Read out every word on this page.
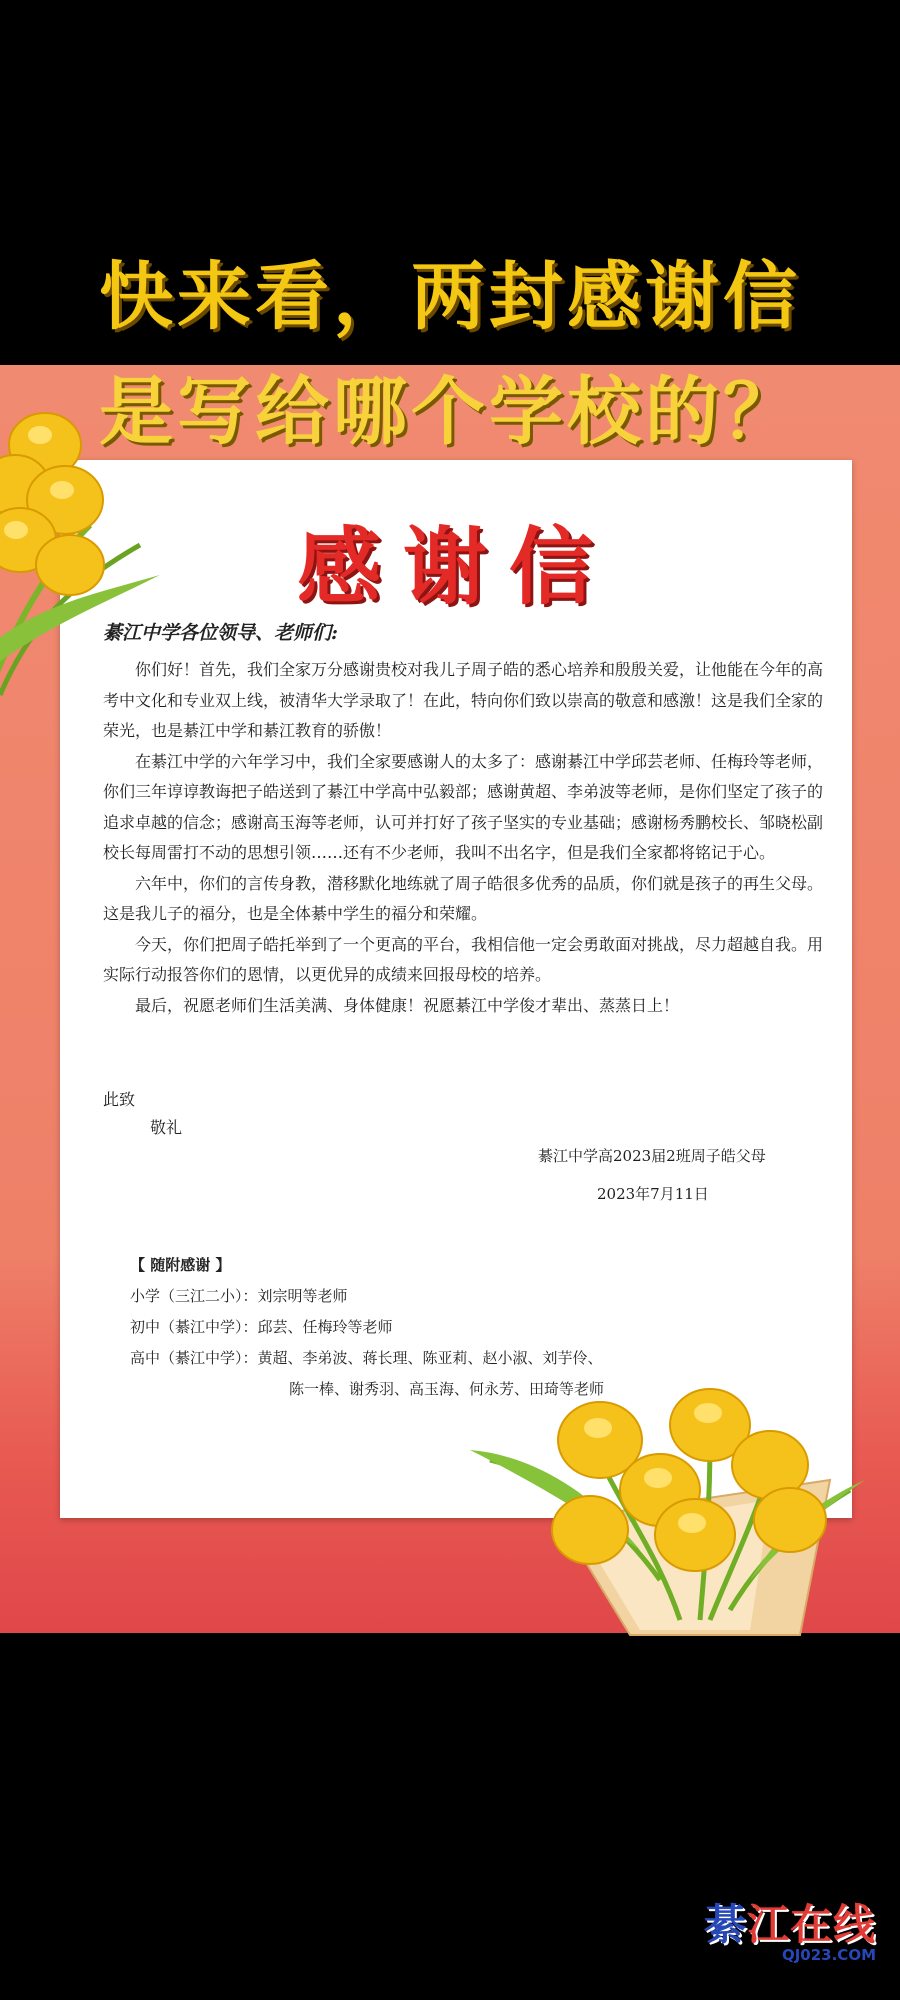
快来看，两封感谢信
是写给哪个学校的？
感谢信
綦江中学各位领导、老师们:

你们好！首先，我们全家万分感谢贵校对我儿子周子皓的悉心培养和殷殷关爱，让他能在今年的高考中文化和专业双上线，被清华大学录取了！在此，特向你们致以崇高的敬意和感激！这是我们全家的荣光，也是綦江中学和綦江教育的骄傲！

在綦江中学的六年学习中，我们全家要感谢人的太多了：感谢綦江中学邱芸老师、任梅玲等老师，你们三年谆谆教诲把子皓送到了綦江中学高中弘毅部；感谢黄超、李弟波等老师，是你们坚定了孩子的追求卓越的信念；感谢高玉海等老师，认可并打好了孩子坚实的专业基础；感谢杨秀鹏校长、邹晓松副校长每周雷打不动的思想引领……还有不少老师，我叫不出名字，但是我们全家都将铭记于心。

六年中，你们的言传身教，潜移默化地练就了周子皓很多优秀的品质，你们就是孩子的再生父母。这是我儿子的福分，也是全体綦中学生的福分和荣耀。

今天，你们把周子皓托举到了一个更高的平台，我相信他一定会勇敢面对挑战，尽力超越自我。用实际行动报答你们的恩情，以更优异的成绩来回报母校的培养。

最后，祝愿老师们生活美满、身体健康！祝愿綦江中学俊才辈出、蒸蒸日上！

此致
敬礼
綦江中学高2023届2班周子皓父母
2023年7月11日
【 随附感谢 】
小学（三江二小）：刘宗明等老师
初中（綦江中学）：邱芸、任梅玲等老师
高中（綦江中学）：黄超、李弟波、蒋长理、陈亚莉、赵小淑、刘芋伶、
陈一棒、谢秀羽、高玉海、何永芳、田琦等老师
綦江在线
QJ023.COM
